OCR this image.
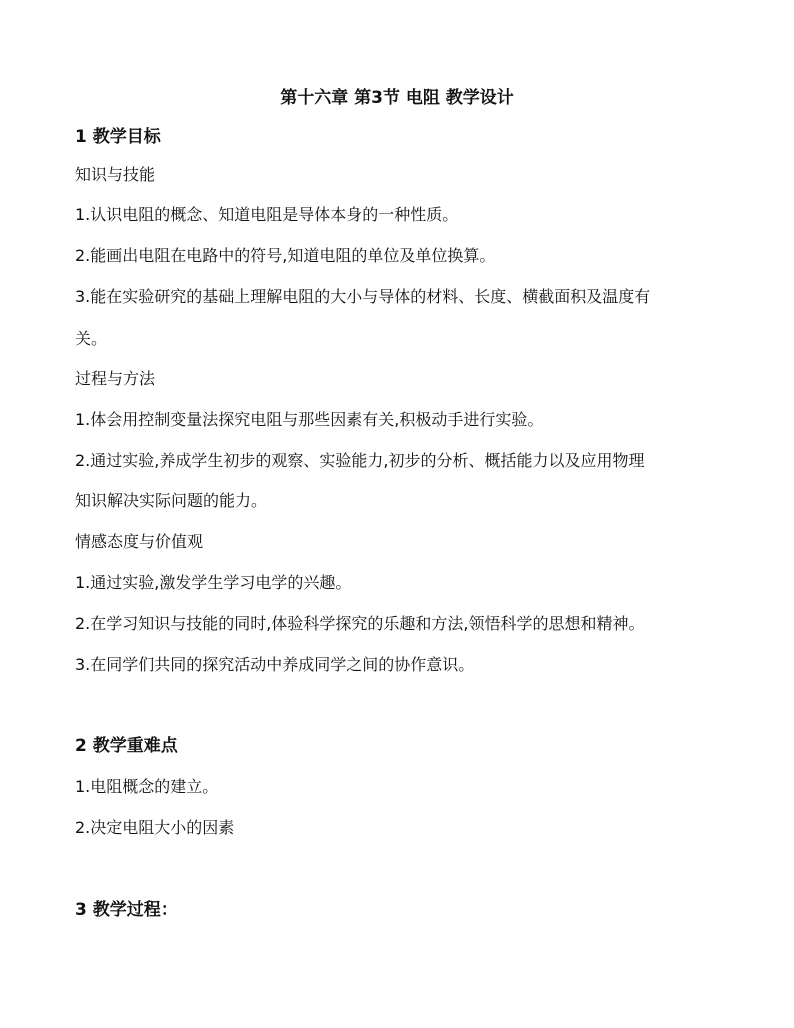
第十六章 第3节 电阻 教学设计
1 教学目标
知识与技能
1.认识电阻的概念、知道电阻是导体本身的一种性质。
2.能画出电阻在电路中的符号,知道电阻的单位及单位换算。
3.能在实验研究的基础上理解电阻的大小与导体的材料、长度、横截面积及温度有
关。
过程与方法
1.体会用控制变量法探究电阻与那些因素有关,积极动手进行实验。
2.通过实验,养成学生初步的观察、实验能力,初步的分析、概括能力以及应用物理
知识解决实际问题的能力。
情感态度与价值观
1.通过实验,激发学生学习电学的兴趣。
2.在学习知识与技能的同时,体验科学探究的乐趣和方法,领悟科学的思想和精神。
3.在同学们共同的探究活动中养成同学之间的协作意识。
2 教学重难点
1.电阻概念的建立。
2.决定电阻大小的因素
3 教学过程：
